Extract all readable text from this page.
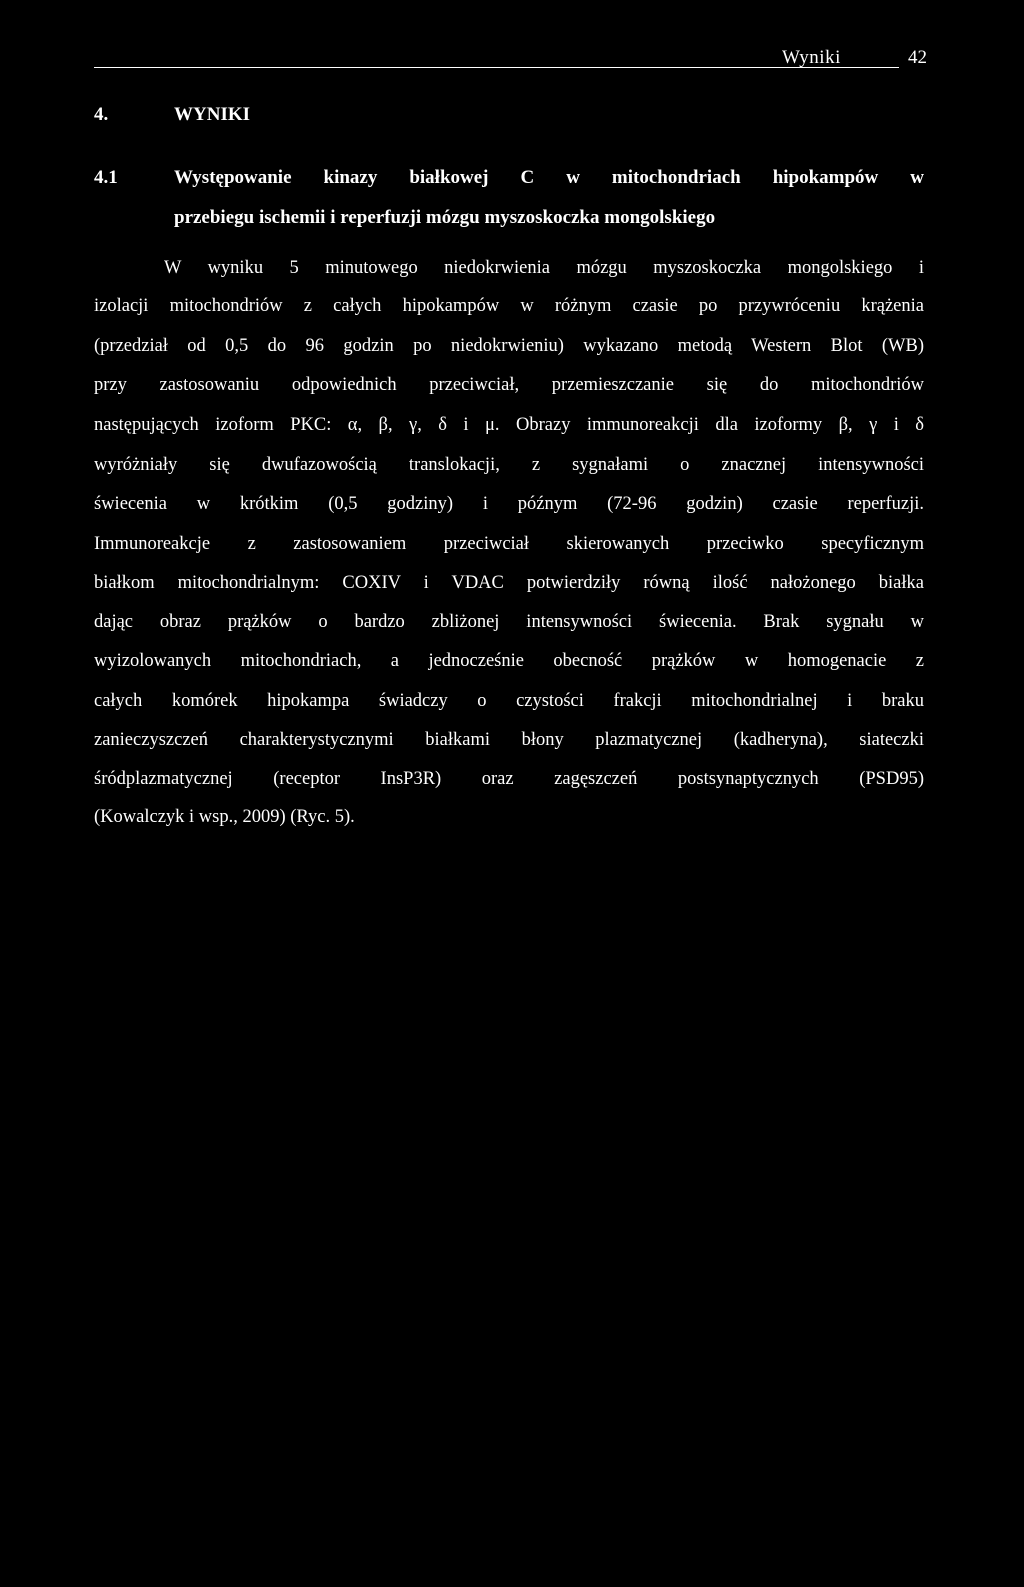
Wyniki	42
4.	WYNIKI
4.1	Występowanie kinazy białkowej C w mitochondriach hipokampów w
przebiegu ischemii i reperfuzji mózgu myszoskoczka mongolskiego
W wyniku 5 minutowego niedokrwienia mózgu myszoskoczka mongolskiego i
izolacji mitochondriów z całych hipokampów w różnym czasie po przywróceniu krążenia
(przedział od 0,5 do 96 godzin po niedokrwieniu) wykazano metodą Western Blot (WB)
przy zastosowaniu odpowiednich przeciwciał, przemieszczanie się do mitochondriów
następujących izoform PKC: α, β, γ, δ i μ. Obrazy immunoreakcji dla izoformy β, γ i δ
wyróżniały się dwufazowością translokacji, z sygnałami o znacznej intensywności
świecenia w krótkim (0,5 godziny) i późnym (72-96 godzin) czasie reperfuzji.
Immunoreakcje z zastosowaniem przeciwciał skierowanych przeciwko specyficznym
białkom mitochondrialnym: COXIV i VDAC potwierdziły równą ilość nałożonego białka
dając obraz prążków o bardzo zbliżonej intensywności świecenia. Brak sygnału w
wyizolowanych mitochondriach, a jednocześnie obecność prążków w homogenacie z
całych komórek hipokampa świadczy o czystości frakcji mitochondrialnej i braku
zanieczyszczeń charakterystycznymi białkami błony plazmatycznej (kadheryna), siateczki
śródplazmatycznej (receptor InsP3R) oraz zagęszczeń postsynaptycznych (PSD95)
(Kowalczyk i wsp., 2009) (Ryc. 5).
